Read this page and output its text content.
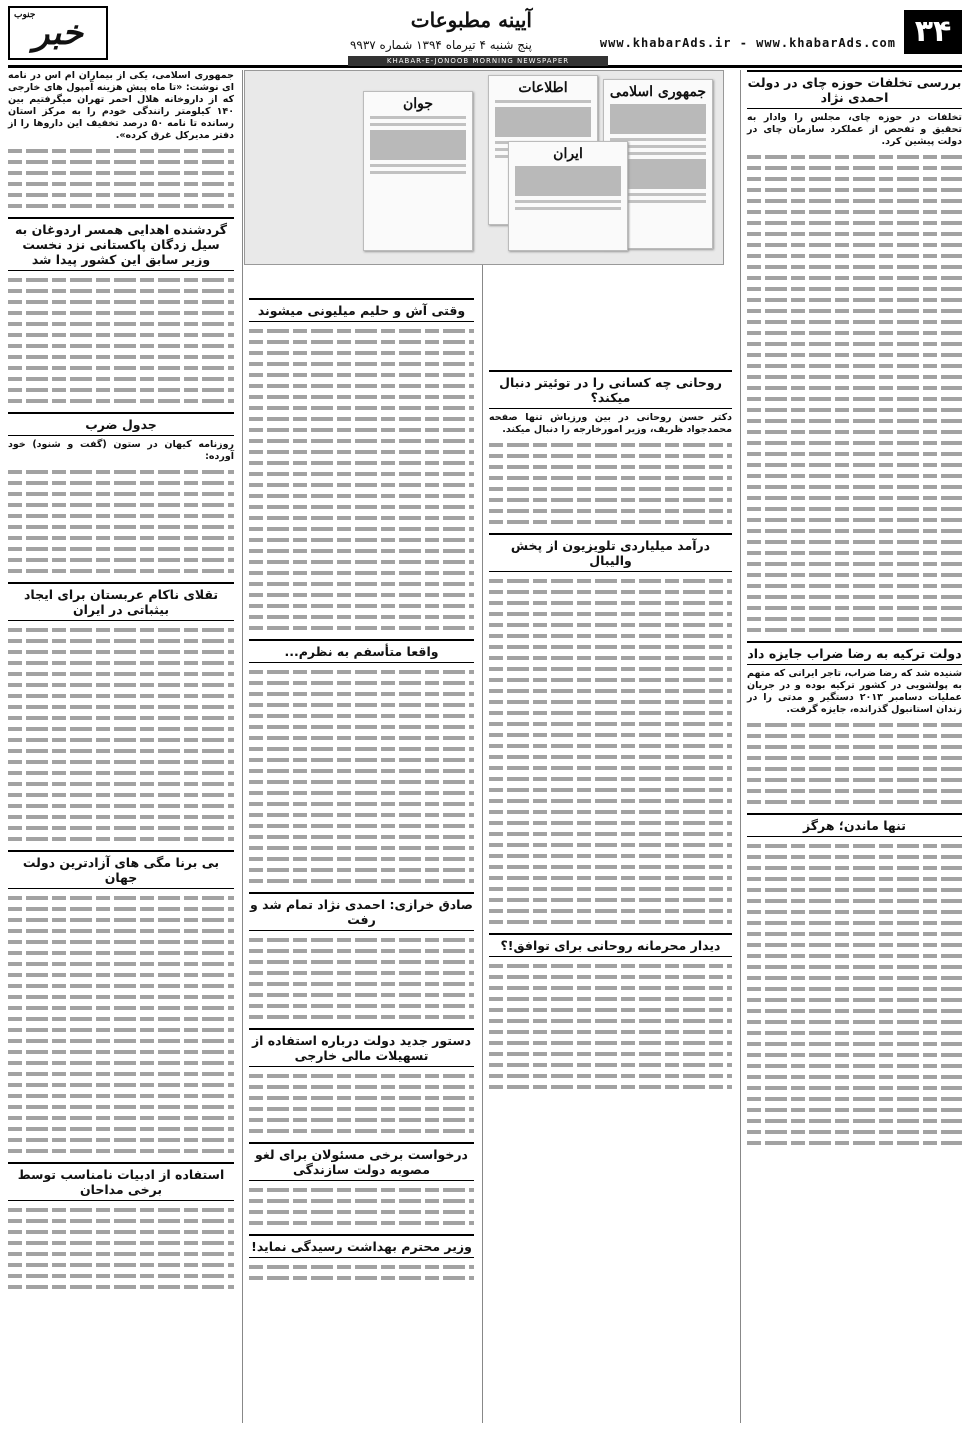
۳۴
www.khabarAds.ir - www.khabarAds.com
آیینه مطبوعات
پنج شنبه ۴ تیرماه ۱۳۹۴ شماره ۹۹۳۷
KHABAR-E-JONOOB MORNING NEWSPAPER
جنوب
خبر
بررسی تخلفات حوزه چای در دولت احمدی نژاد
تخلفات در حوزه چای، مجلس را وادار به تحقیق و تفحص از عملکرد سازمان چای در دولت پیشین کرد.
دولت ترکیه به رضا ضراب جایزه داد
شنیده شد که رضا ضراب، تاجر ایرانی که متهم به پولشویی در کشور ترکیه بوده و در جریان عملیات دسامبر ۲۰۱۳ دستگیر و مدتی را در زندان استانبول گذرانده، جایزه گرفت.
تنها ماندن؛ هرگز
روحانی چه کسانی را در توئیتر دنبال میکند؟
دکتر حسن روحانی در بین ورزیاش تنها صفحه محمدجواد ظریف، وزیر امورخارجه را دنبال میکند.
درآمد میلیاردی تلویزیون از پخش والیبال
دیدار محرمانه روحانی برای توافق!؟
جمهوری اسلامی
اطلاعات
ایران
جوان
وقتی آش و حلیم میلیونی میشوند
واقعا متأسفم به نظرم...
صادق خرازی: احمدی نژاد تمام شد و رفت
دستور جدید دولت درباره استفاده از تسهیلات مالی خارجی
درخواست برخی مسئولان برای لغو مصوبه دولت سازندگی
وزیر محترم بهداشت رسیدگی نماید!
جمهوری اسلامی، یکی از بیماران ام اس در نامه ای نوشت: «تا ماه پیش هزینه آمپول های خارجی که از داروخانه هلال احمر تهران میگرفتیم بین ۱۴۰ کیلومتر رانندگی خودم را به مرکز استان رسانده تا نامه ۵۰ درصد تخفیف این داروها را از دفتر مدیرکل غرق کرده».
گردشنده اهدایی همسر اردوغان به سیل زدگان پاکستانی نزد نخست وزیر سابق این کشور پیدا شد
جدول ضرب
روزنامه کیهان در ستون (گفت و شنود) خود آورده:
تقلای ناکام عربستان برای ایجاد بیثباتی در ایران
بی برنا مگی های آزادترین دولت جهان
استفاده از ادبیات نامناسب توسط برخی مداحان
